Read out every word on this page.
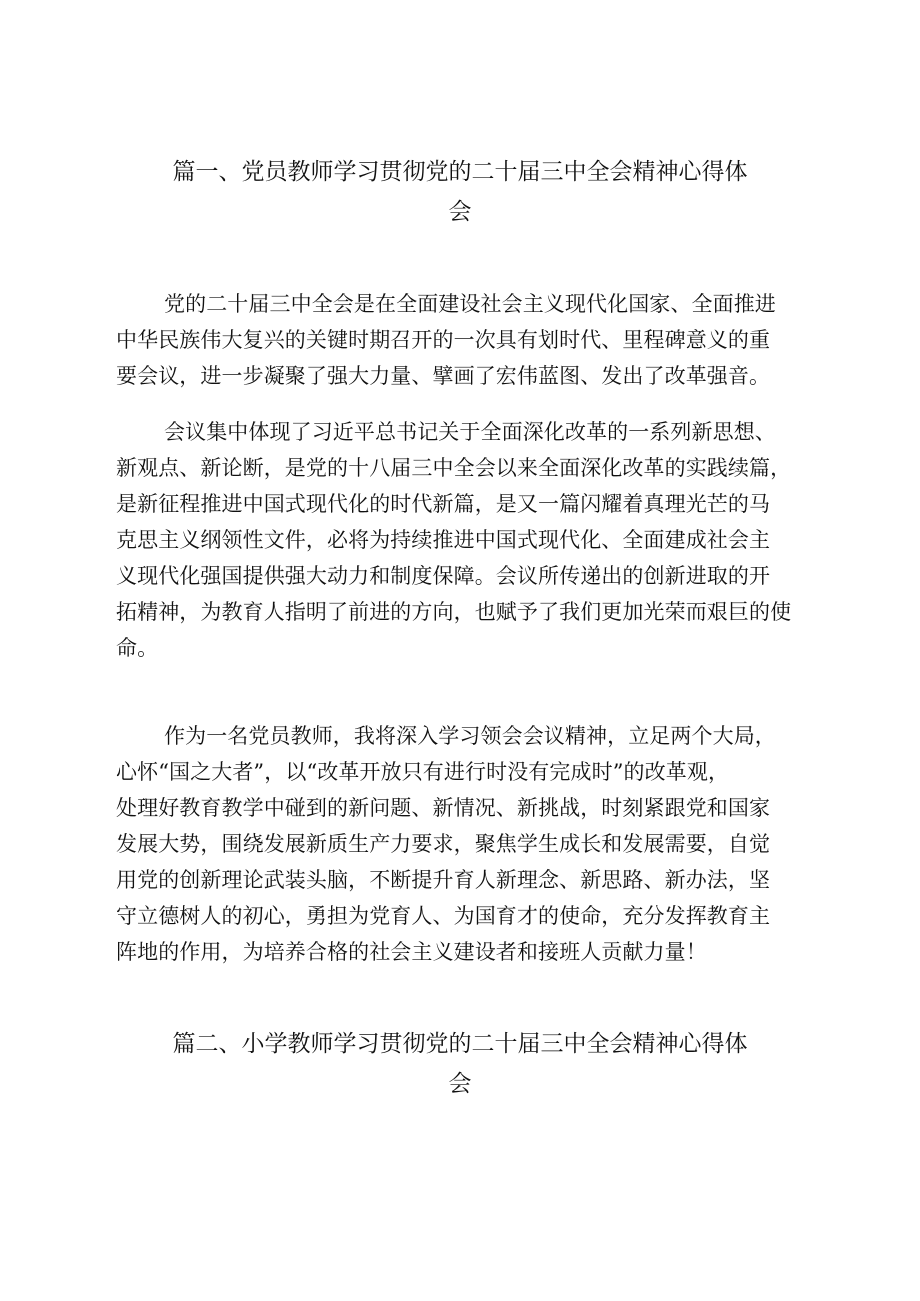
篇一、党员教师学习贯彻党的二十届三中全会精神心得体
会
党的二十届三中全会是在全面建设社会主义现代化国家、全面推进
中华民族伟大复兴的关键时期召开的一次具有划时代、里程碑意义的重
要会议，进一步凝聚了强大力量、擘画了宏伟蓝图、发出了改革强音。
会议集中体现了习近平总书记关于全面深化改革的一系列新思想、
新观点、新论断，是党的十八届三中全会以来全面深化改革的实践续篇，
是新征程推进中国式现代化的时代新篇，是又一篇闪耀着真理光芒的马
克思主义纲领性文件，必将为持续推进中国式现代化、全面建成社会主
义现代化强国提供强大动力和制度保障。会议所传递出的创新进取的开
拓精神，为教育人指明了前进的方向，也赋予了我们更加光荣而艰巨的使
命。
作为一名党员教师，我将深入学习领会会议精神，立足两个大局，
心怀“国之大者”，以“改革开放只有进行时没有完成时”的改革观，
处理好教育教学中碰到的新问题、新情况、新挑战，时刻紧跟党和国家
发展大势，围绕发展新质生产力要求，聚焦学生成长和发展需要，自觉
用党的创新理论武装头脑，不断提升育人新理念、新思路、新办法，坚
守立德树人的初心，勇担为党育人、为国育才的使命，充分发挥教育主
阵地的作用，为培养合格的社会主义建设者和接班人贡献力量！
篇二、小学教师学习贯彻党的二十届三中全会精神心得体
会
